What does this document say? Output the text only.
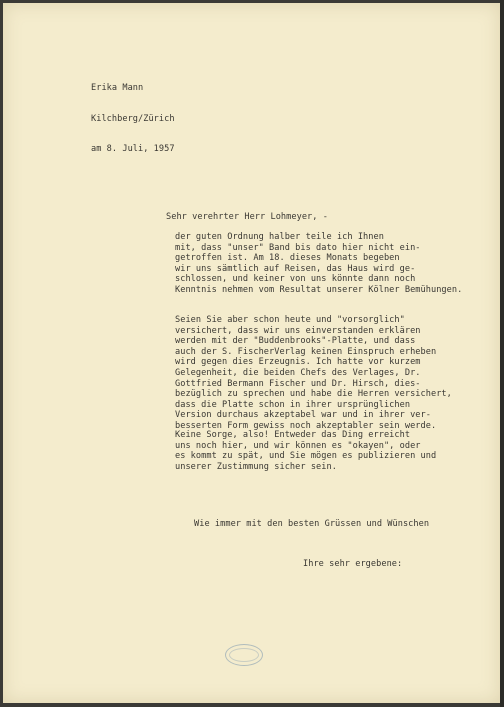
Erika Mann

Kilchberg/Zürich

am 8. Juli, 1957

Sehr verehrter Herr Lohmeyer, -
der guten Ordnung halber teile ich Ihnen
mit, dass "unser" Band bis dato hier nicht ein-
getroffen ist. Am 18. dieses Monats begeben
wir uns sämtlich auf Reisen, das Haus wird ge-
schlossen, und keiner von uns könnte dann noch
Kenntnis nehmen vom Resultat unserer Kölner Bemühungen.
Seien Sie aber schon heute und "vorsorglich"
versichert, dass wir uns einverstanden erklären
werden mit der "Buddenbrooks"-Platte, und dass
auch der S. FischerVerlag keinen Einspruch erheben
wird gegen dies Erzeugnis. Ich hatte vor kurzem
Gelegenheit, die beiden Chefs des Verlages, Dr.
Gottfried Bermann Fischer und Dr. Hirsch, dies-
bezüglich zu sprechen und habe die Herren versichert,
dass die Platte schon in ihrer ursprünglichen
Version durchaus akzeptabel war und in ihrer ver-
besserten Form gewiss noch akzeptabler sein werde.
Keine Sorge, also! Entweder das Ding erreicht
uns noch hier, und wir können es "okayen", oder
es kommt zu spät, und Sie mögen es publizieren und
unserer Zustimmung sicher sein.
Wie immer mit den besten Grüssen und Wünschen
Ihre sehr ergebene:
